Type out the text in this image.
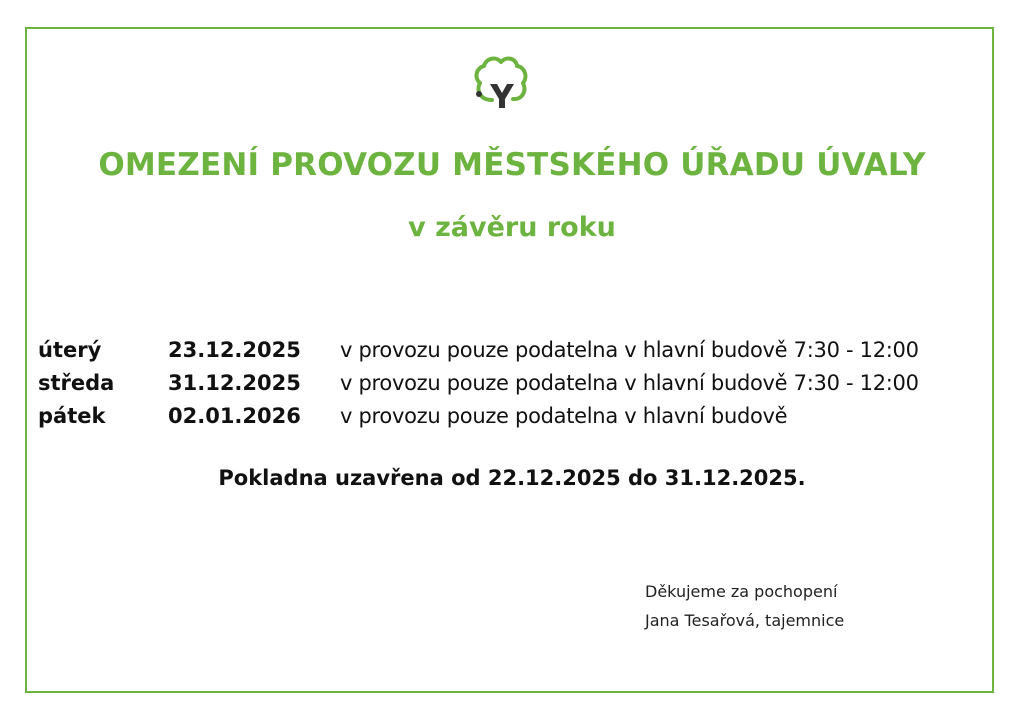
OMEZENÍ PROVOZU MĚSTSKÉHO ÚŘADU ÚVALY
v závěru roku
úterý	23.12.2025	v provozu pouze podatelna v hlavní budově 7:30 - 12:00
středa	31.12.2025	v provozu pouze podatelna v hlavní budově 7:30 - 12:00
pátek	02.01.2026	v provozu pouze podatelna v hlavní budově

Pokladna uzavřena od 22.12.2025 do 31.12.2025.

Děkujeme za pochopení
Jana Tesařová, tajemnice
